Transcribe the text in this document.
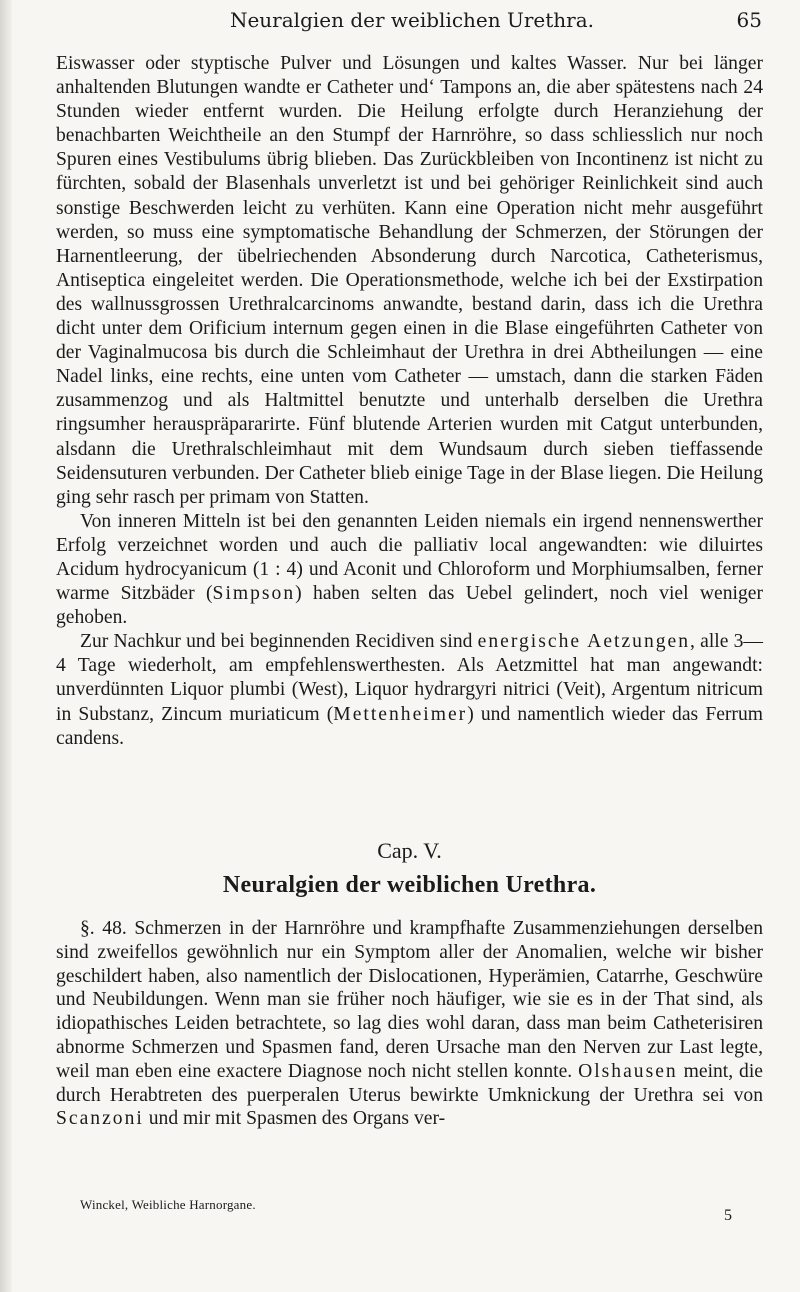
Neuralgien der weiblichen Urethra.	65

Eiswasser oder styptische Pulver und Lösungen und kaltes Wasser. Nur bei länger anhaltenden Blutungen wandte er Catheter und‘ Tampons an, die aber spätestens nach 24 Stunden wieder entfernt wurden. Die Heilung erfolgte durch Heranziehung der benachbarten Weichtheile an den Stumpf der Harnröhre, so dass schliesslich nur noch Spuren eines Vestibulums übrig blieben. Das Zurückbleiben von Incontinenz ist nicht zu fürchten, sobald der Blasenhals unverletzt ist und bei gehöriger Reinlichkeit sind auch sonstige Beschwerden leicht zu verhüten. Kann eine Operation nicht mehr ausgeführt werden, so muss eine symptomatische Behandlung der Schmerzen, der Störungen der Harnentleerung, der übelriechenden Absonderung durch Narcotica, Catheterismus, Antiseptica eingeleitet werden. Die Operationsmethode, welche ich bei der Exstirpation des wallnussgrossen Urethralcarcinoms anwandte, bestand darin, dass ich die Urethra dicht unter dem Orificium internum gegen einen in die Blase eingeführten Catheter von der Vaginalmucosa bis durch die Schleimhaut der Urethra in drei Abtheilungen — eine Nadel links, eine rechts, eine unten vom Catheter — umstach, dann die starken Fäden zusammenzog und als Haltmittel benutzte und unterhalb derselben die Urethra ringsumher herauspräpararirte. Fünf blutende Arterien wurden mit Catgut unterbunden, alsdann die Urethralschleimhaut mit dem Wundsaum durch sieben tieffassende Seidensuturen verbunden. Der Catheter blieb einige Tage in der Blase liegen. Die Heilung ging sehr rasch per primam von Statten.

Von inneren Mitteln ist bei den genannten Leiden niemals ein irgend nennenswerther Erfolg verzeichnet worden und auch die palliativ local angewandten: wie diluirtes Acidum hydrocyanicum (1 : 4) und Aconit und Chloroform und Morphiumsalben, ferner warme Sitzbäder (Simpson) haben selten das Uebel gelindert, noch viel weniger gehoben.

Zur Nachkur und bei beginnenden Recidiven sind energische Aetzungen, alle 3—4 Tage wiederholt, am empfehlenswerthesten. Als Aetzmittel hat man angewandt: unverdünnten Liquor plumbi (West), Liquor hydrargyri nitrici (Veit), Argentum nitricum in Substanz, Zincum muriaticum (Mettenheimer) und namentlich wieder das Ferrum candens.

Cap. V.
Neuralgien der weiblichen Urethra.

§. 48. Schmerzen in der Harnröhre und krampfhafte Zusammenziehungen derselben sind zweifellos gewöhnlich nur ein Symptom aller der Anomalien, welche wir bisher geschildert haben, also namentlich der Dislocationen, Hyperämien, Catarrhe, Geschwüre und Neubildungen. Wenn man sie früher noch häufiger, wie sie es in der That sind, als idiopathisches Leiden betrachtete, so lag dies wohl daran, dass man beim Catheterisiren abnorme Schmerzen und Spasmen fand, deren Ursache man den Nerven zur Last legte, weil man eben eine exactere Diagnose noch nicht stellen konnte. Olshausen meint, die durch Herabtreten des puerperalen Uterus bewirkte Umknickung der Urethra sei von Scanzoni und mir mit Spasmen des Organs ver-

Winckel, Weibliche Harnorgane.
5
